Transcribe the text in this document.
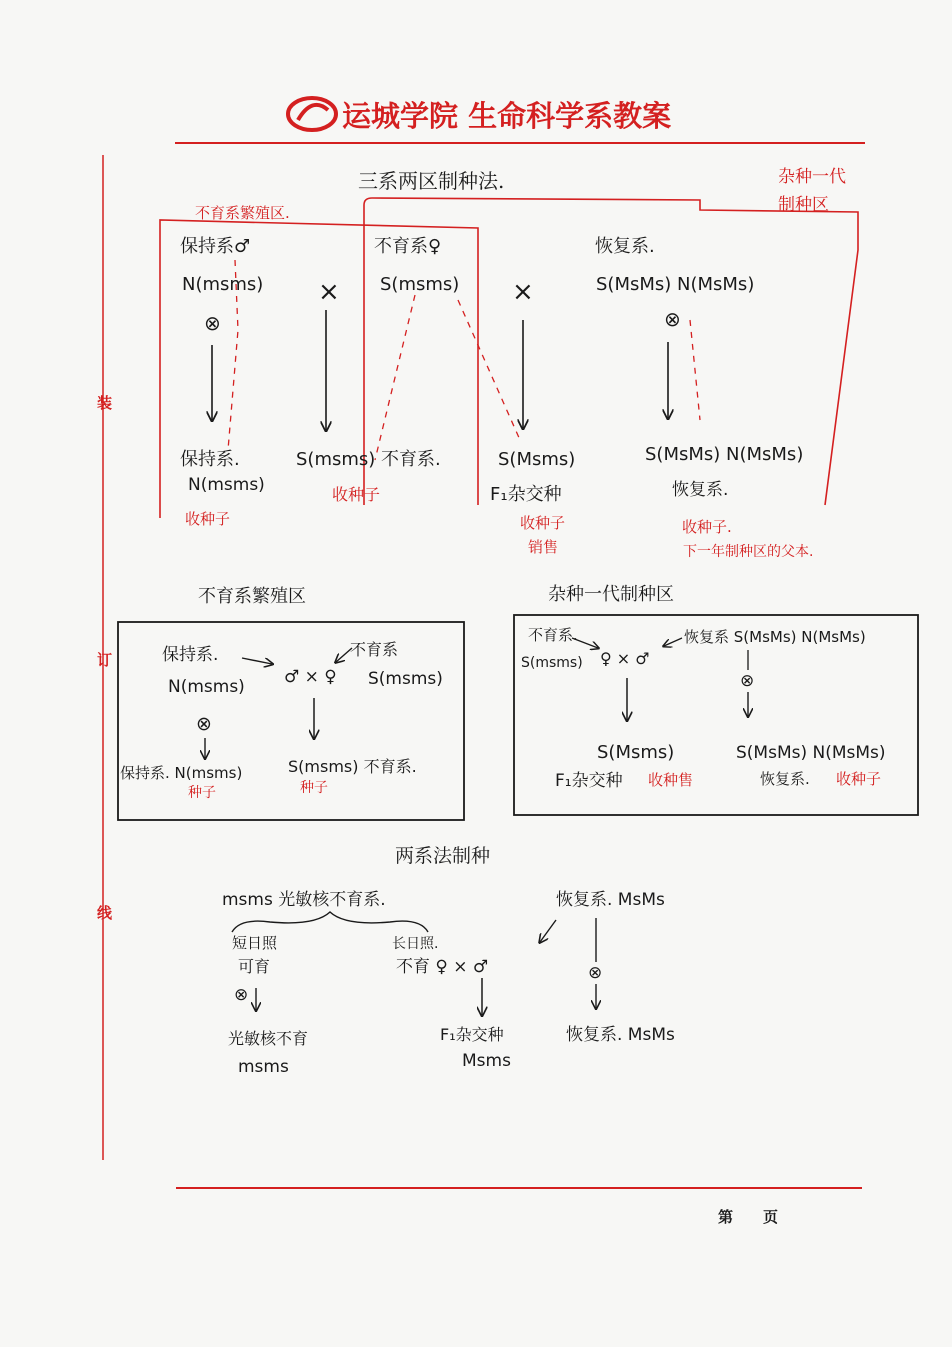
运城学院 生命科学系教案
装
订
线
三系两区制种法.
不育系繁殖区.
杂种一代
制种区
保持系♂
N(msms)
⊗
保持系.
N(msms)
收种子
×
不育系♀
S(msms)
S(msms) 不育系.
收种子
×
S(Msms)
F₁杂交种
收种子
销售
恢复系.
S(MsMs) N(MsMs)
⊗
S(MsMs) N(MsMs)
恢复系.
收种子.
下一年制种区的父本.
不育系繁殖区
保持系.
♂ × ♀
不育系
N(msms)	S(msms)
⊗
保持系. N(msms)
种子
S(msms) 不育系.
种子
杂种一代制种区
不育系.
S(msms) ♀ × ♂
恢复系 S(MsMs) N(MsMs)
⊗
S(Msms)
F₁杂交种 收种售
S(MsMs) N(MsMs)
恢复系. 收种子
两系法制种
msms 光敏核不育系.
短日照
可育
⊗
光敏核不育
msms
长日照.
不育 ♀ × ♂
恢复系. MsMs
⊗
F₁杂交种
Msms
恢复系. MsMs
第　　页
